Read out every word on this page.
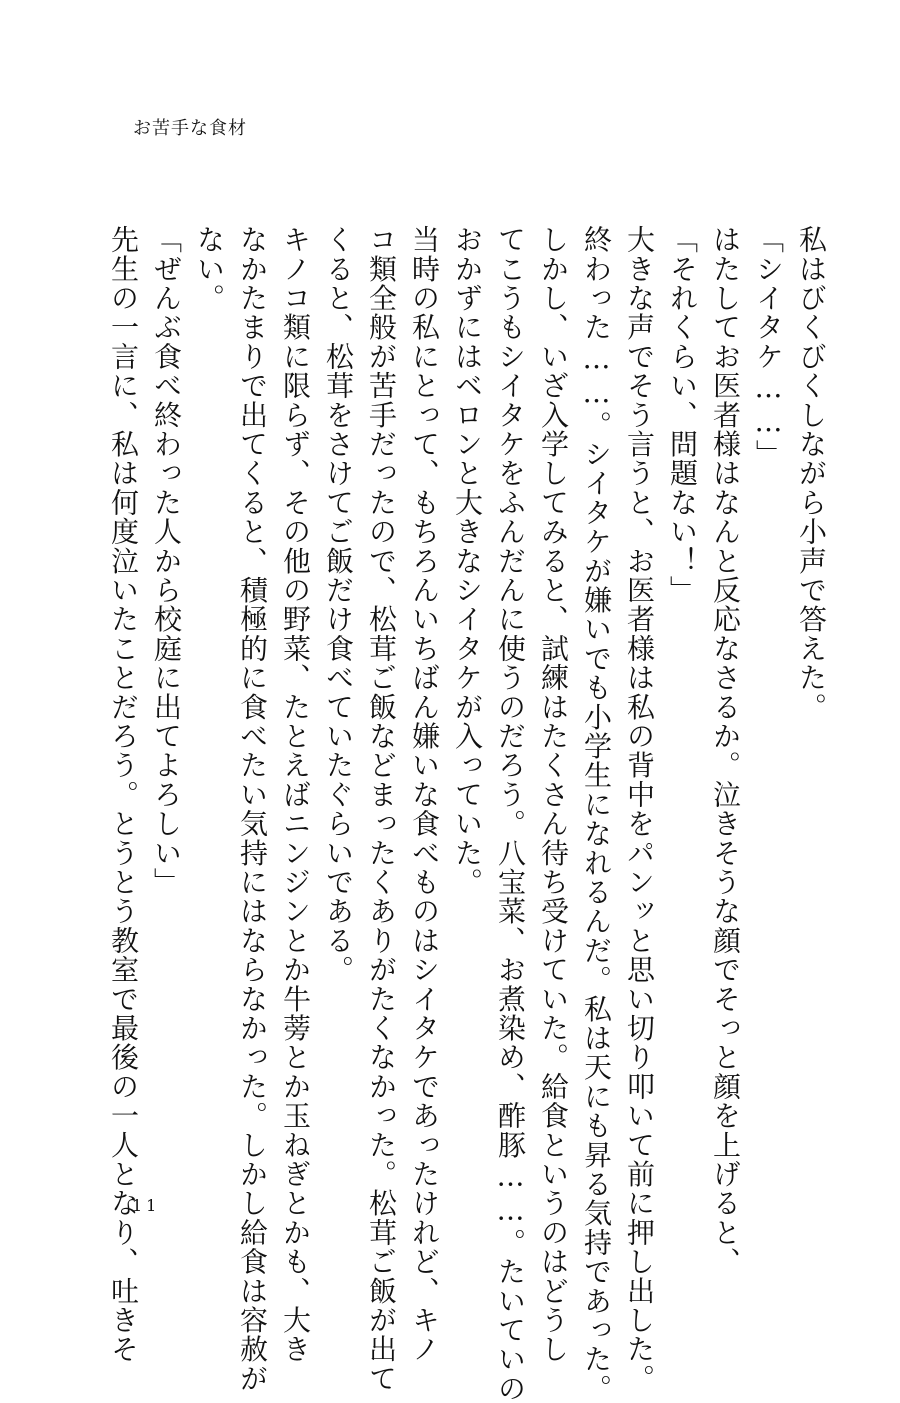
お苦手な食材

私はびくびくしながら小声で答えた。

「シイタケ……」

はたしてお医者様はなんと反応なさるか。泣きそうな顔でそっと顔を上げると、

「それくらい、問題ない！」

大きな声でそう言うと、お医者様は私の背中をパンッと思い切り叩いて前に押し出した。

終わった……。シイタケが嫌いでも小学生になれるんだ。私は天にも昇る気持であった。

しかし、いざ入学してみると、試練はたくさん待ち受けていた。給食というのはどうし

てこうもシイタケをふんだんに使うのだろう。八宝菜、お煮染め、酢豚……。たいていの

おかずにはベロンと大きなシイタケが入っていた。

当時の私にとって、もちろんいちばん嫌いな食べものはシイタケであったけれど、キノ

コ類全般が苦手だったので、松茸ご飯などまったくありがたくなかった。松茸ご飯が出て

くると、松茸をさけてご飯だけ食べていたぐらいである。

キノコ類に限らず、その他の野菜、たとえばニンジンとか牛蒡とか玉ねぎとかも、大き

なかたまりで出てくると、積極的に食べたい気持にはならなかった。しかし給食は容赦が

ない。

「ぜんぶ食べ終わった人から校庭に出てよろしい」

先生の一言に、私は何度泣いたことだろう。とうとう教室で最後の一人となり、吐きそ

11
